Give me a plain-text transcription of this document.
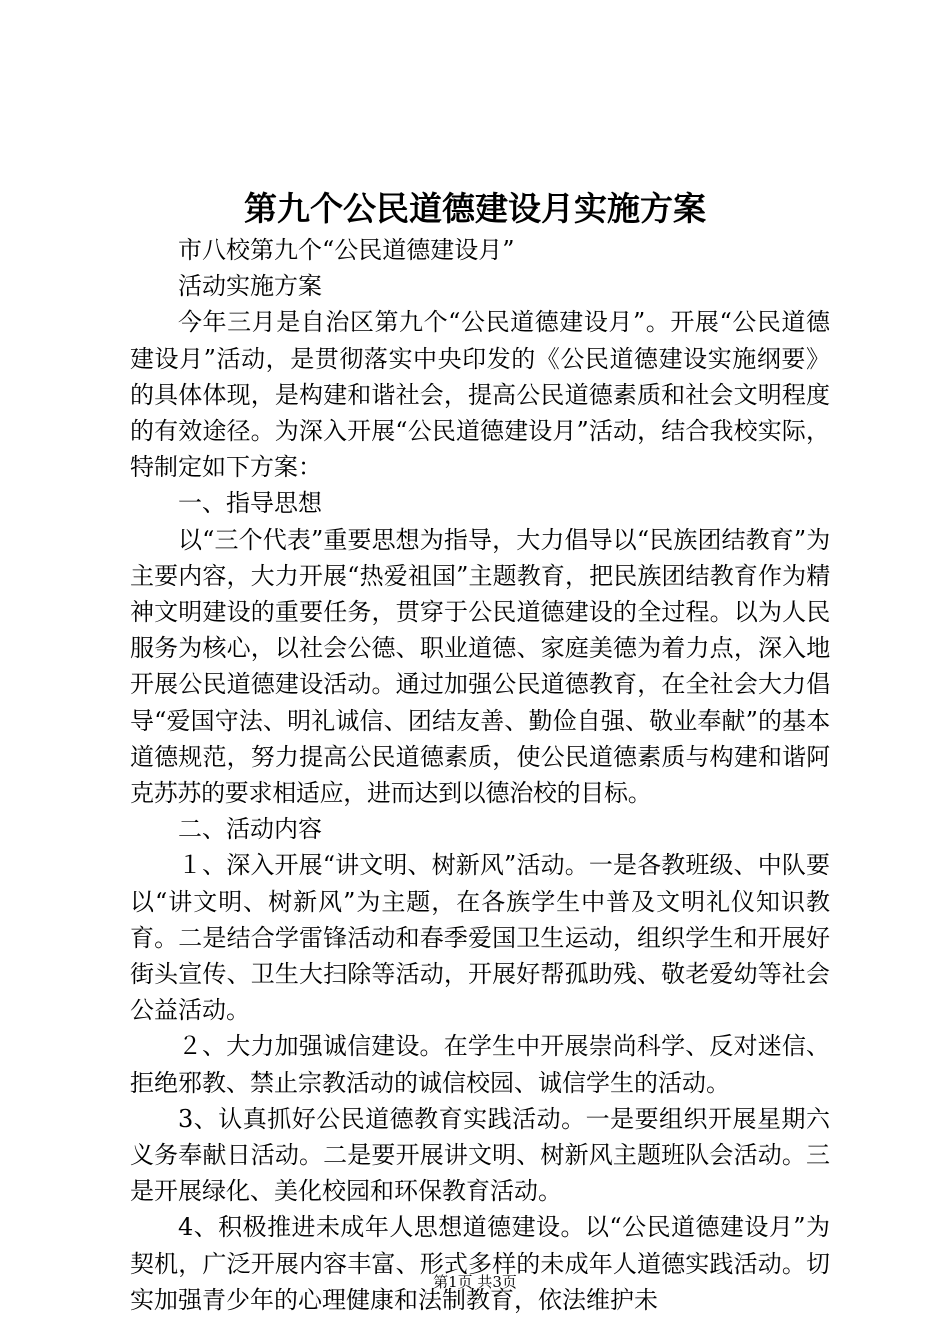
第九个公民道德建设月实施方案

市八校第九个“公民道德建设月”

活动实施方案

今年三月是自治区第九个“公民道德建设月”。开展“公民道德建设月”活动，是贯彻落实中央印发的《公民道德建设实施纲要》的具体体现，是构建和谐社会，提高公民道德素质和社会文明程度的有效途径。为深入开展“公民道德建设月”活动，结合我校实际，特制定如下方案：

一、指导思想

以“三个代表”重要思想为指导，大力倡导以“民族团结教育”为主要内容，大力开展“热爱祖国”主题教育，把民族团结教育作为精神文明建设的重要任务，贯穿于公民道德建设的全过程。以为人民服务为核心，以社会公德、职业道德、家庭美德为着力点，深入地开展公民道德建设活动。通过加强公民道德教育，在全社会大力倡导“爱国守法、明礼诚信、团结友善、勤俭自强、敬业奉献”的基本道德规范，努力提高公民道德素质，使公民道德素质与构建和谐阿克苏苏的要求相适应，进而达到以德治校的目标。

二、活动内容

１、深入开展“讲文明、树新风”活动。一是各教班级、中队要以“讲文明、树新风”为主题，在各族学生中普及文明礼仪知识教育。二是结合学雷锋活动和春季爱国卫生运动，组织学生和开展好街头宣传、卫生大扫除等活动，开展好帮孤助残、敬老爱幼等社会公益活动。

２、大力加强诚信建设。在学生中开展崇尚科学、反对迷信、拒绝邪教、禁止宗教活动的诚信校园、诚信学生的活动。

3、认真抓好公民道德教育实践活动。一是要组织开展星期六义务奉献日活动。二是要开展讲文明、树新风主题班队会活动。三是开展绿化、美化校园和环保教育活动。

4、积极推进未成年人思想道德建设。以“公民道德建设月”为契机，广泛开展内容丰富、形式多样的未成年人道德实践活动。切实加强青少年的心理健康和法制教育，依法维护未

第1页 共3页
